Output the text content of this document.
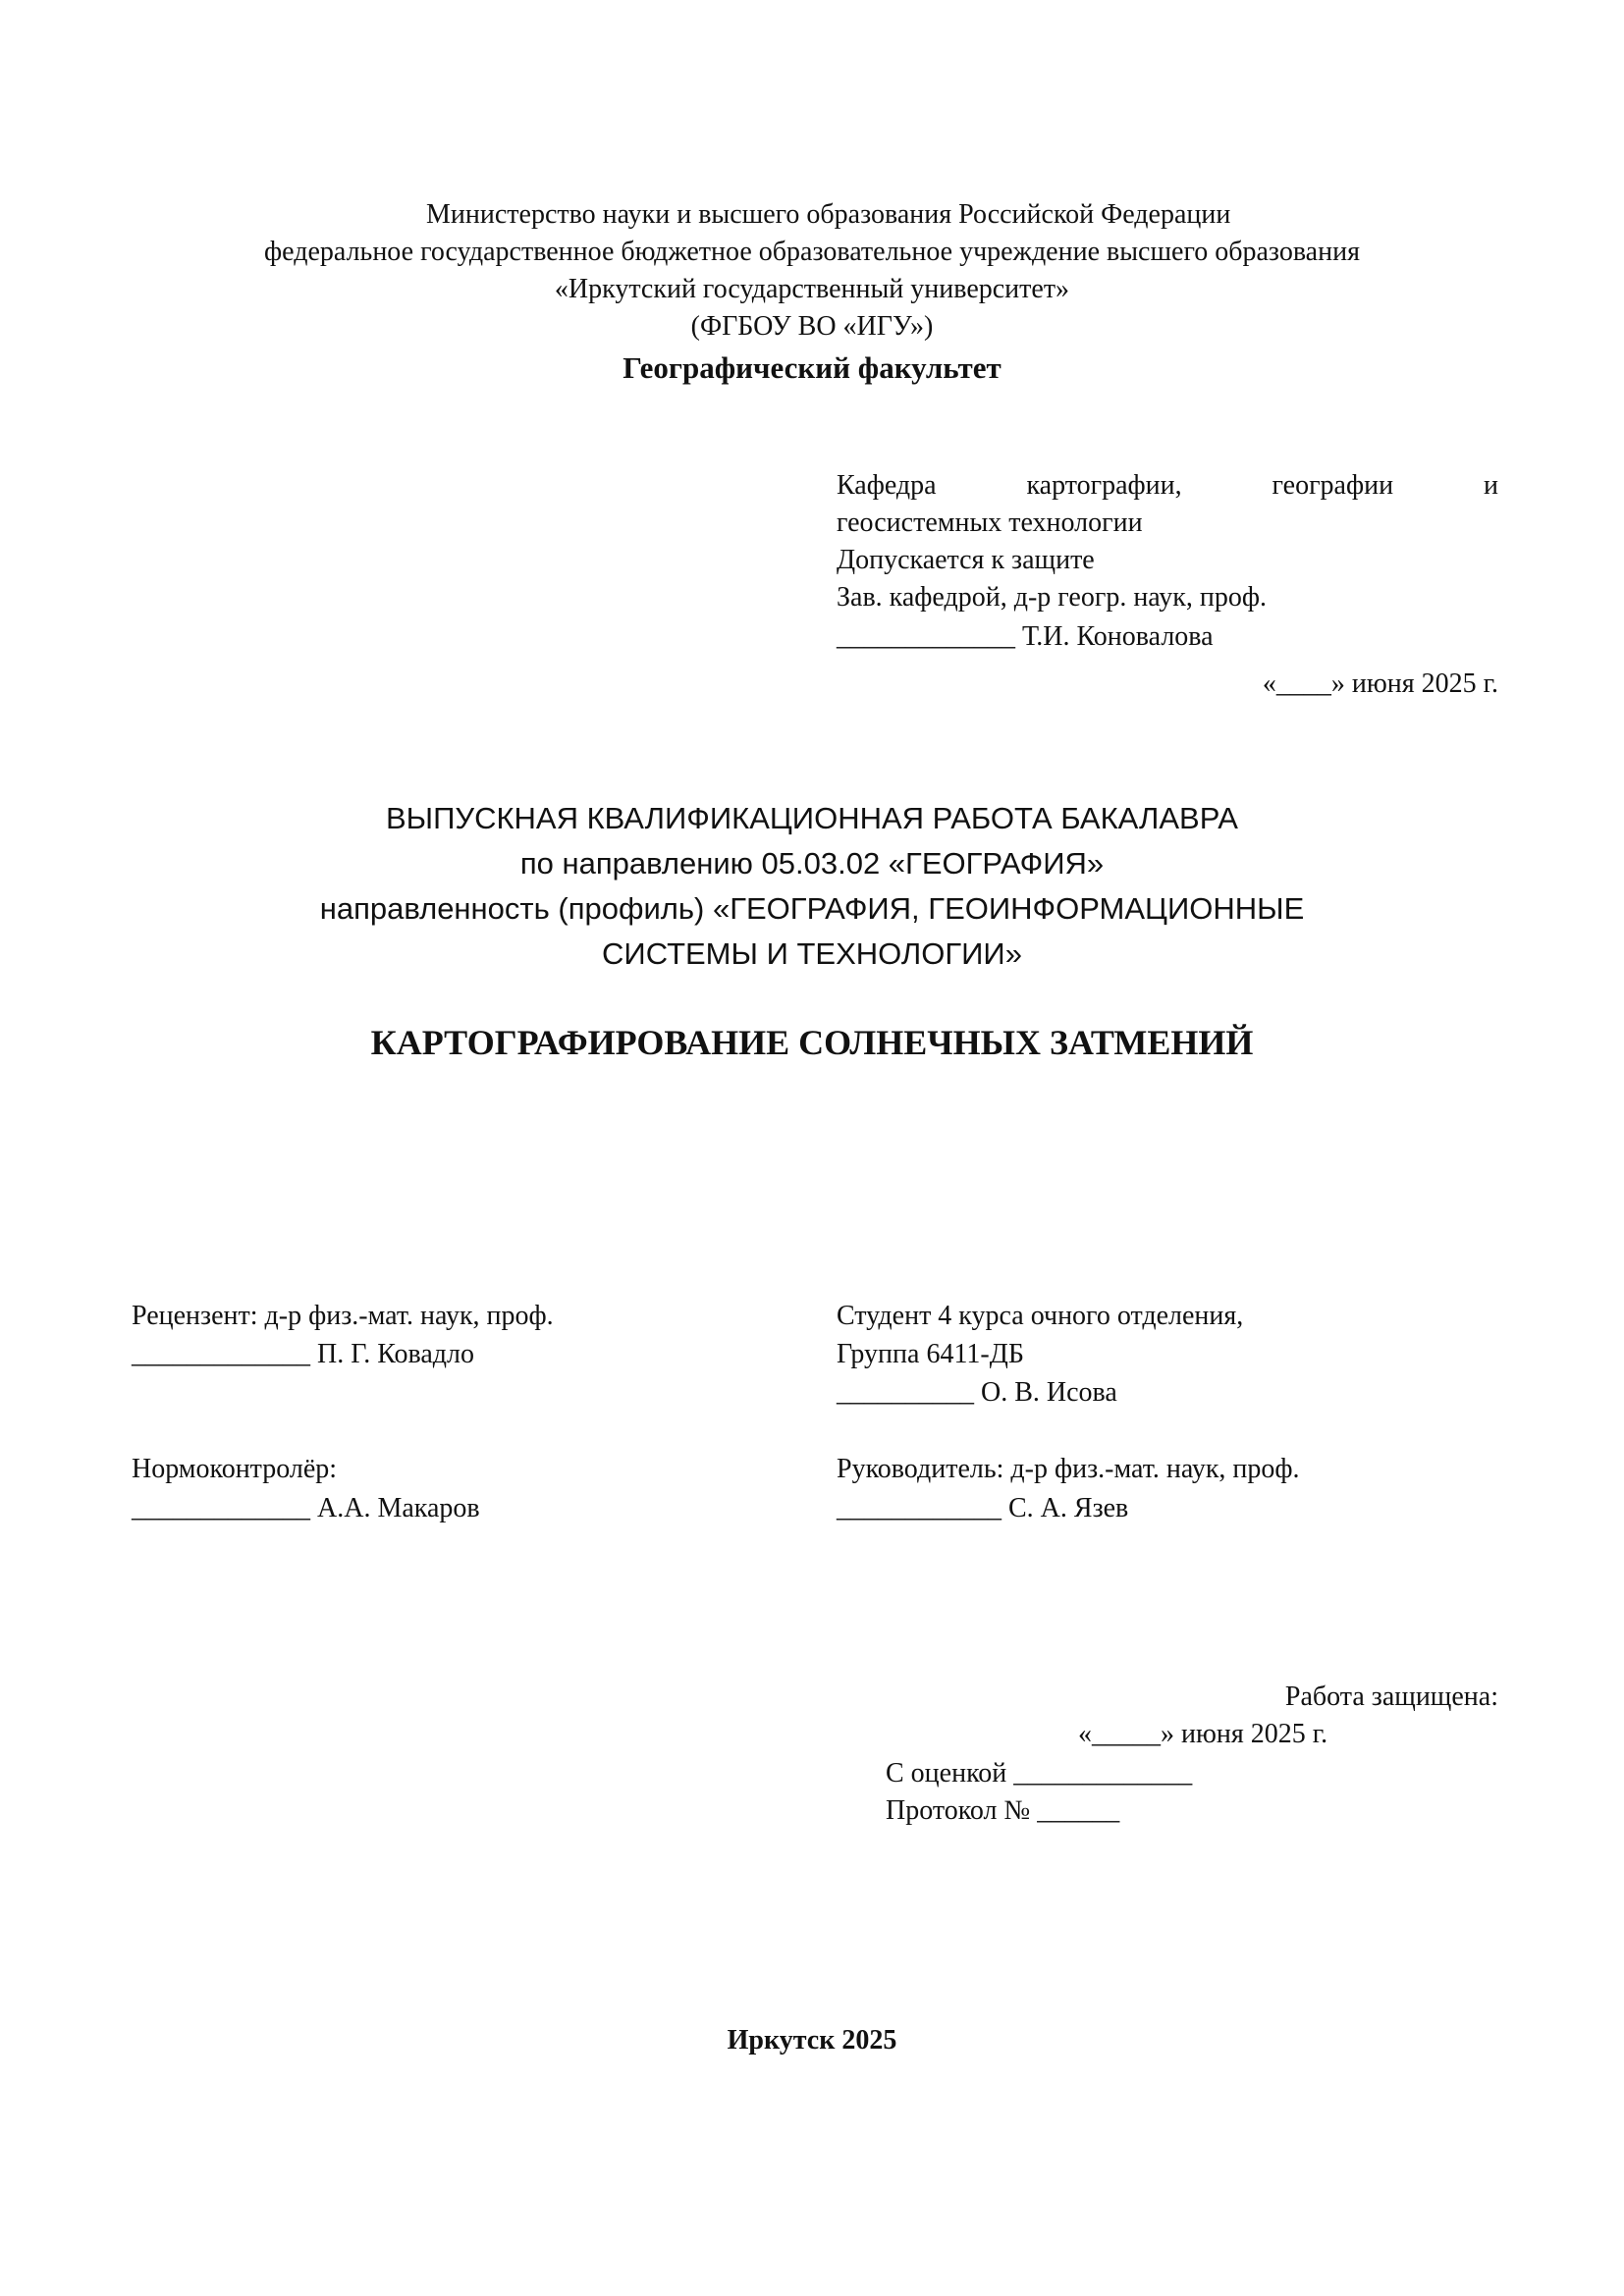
Министерство науки и высшего образования Российской Федерации
федеральное государственное бюджетное образовательное учреждение высшего образования
«Иркутский государственный университет»
(ФГБОУ ВО «ИГУ»)
Географический факультет
Кафедра	картографии,	географии	и
геосистемных технологии
Допускается к защите
Зав. кафедрой, д-р геогр. наук, проф.
_____________ Т.И. Коновалова
«____» июня 2025 г.
ВЫПУСКНАЯ КВАЛИФИКАЦИОННАЯ РАБОТА БАКАЛАВРА
по направлению 05.03.02 «ГЕОГРАФИЯ»
направленность (профиль) «ГЕОГРАФИЯ, ГЕОИНФОРМАЦИОННЫЕ
СИСТЕМЫ И ТЕХНОЛОГИИ»
КАРТОГРАФИРОВАНИЕ СОЛНЕЧНЫХ ЗАТМЕНИЙ
Рецензент: д-р физ.-мат. наук, проф.
_____________ П. Г. Ковадло
Нормоконтролёр:
_____________ А.А. Макаров
Студент 4 курса очного отделения,
Группа 6411-ДБ
__________ О. В. Исова
Руководитель: д-р физ.-мат. наук, проф.
____________ С. А. Язев
Работа защищена:
«_____» июня 2025 г.
С оценкой _____________
Протокол № ______
Иркутск 2025
